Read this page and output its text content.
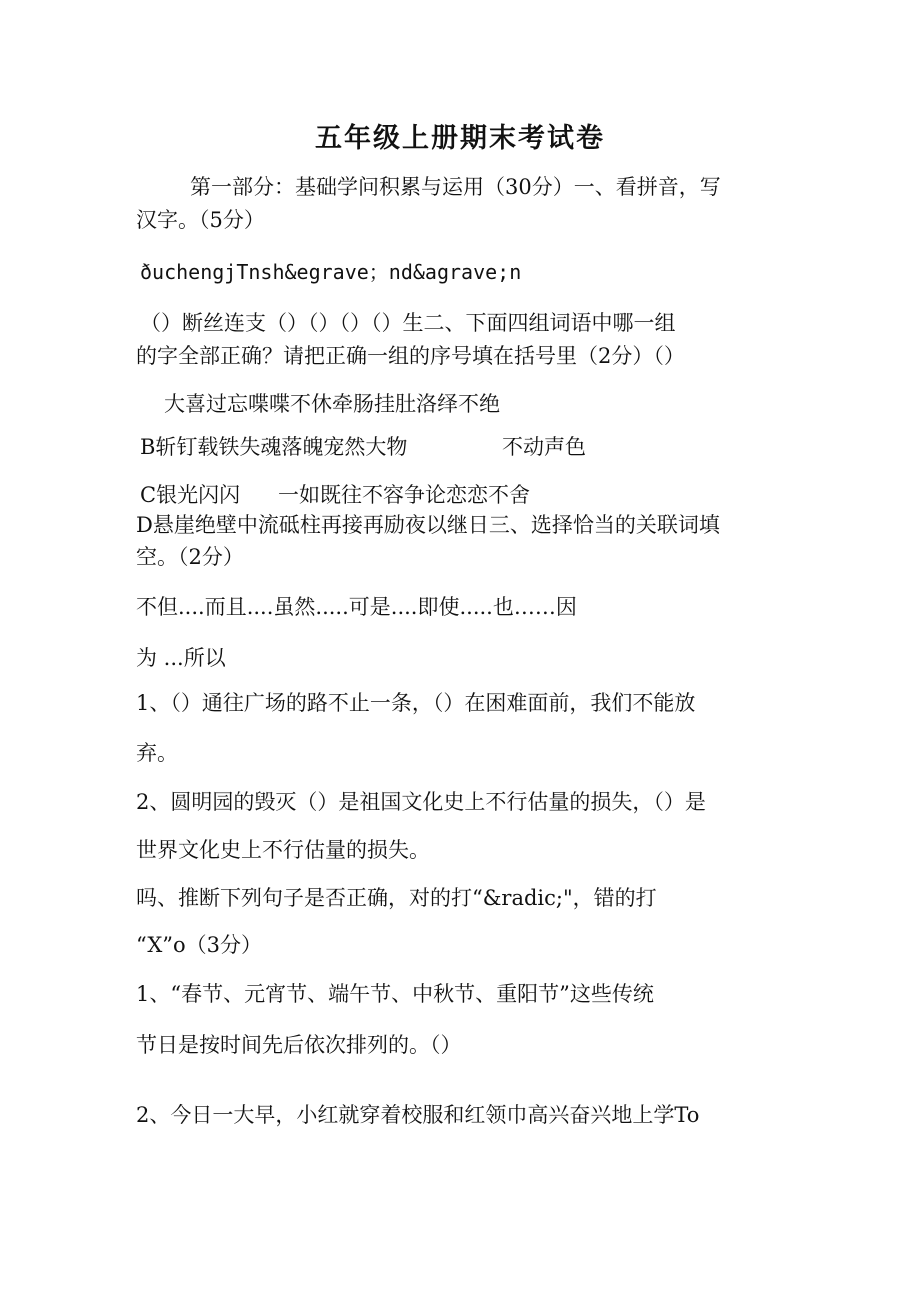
五年级上册期末考试卷
第一部分：基础学问积累与运用（30分）一、看拼音，写
汉字。（5分）
ðuchengjTnsh&egrave；nd&agrave;n
（）断丝连支（）（）（）（）生二、下面四组词语中哪一组
的字全部正确？请把正确一组的序号填在括号里（2分）（）
大喜过忘喋喋不休牵肠挂肚洛绎不绝
B斩钉载铁失魂落魄宠然大物	不动声色
C银光闪闪 一如既往不容争论恋恋不舍
D悬崖绝壁中流砥柱再接再励夜以继日三、选择恰当的关联词填
空。（2分）
不但....而且....虽然.....可是....即使.....也……因
为 ...所以
1、（）通往广场的路不止一条，（）在困难面前，我们不能放
弃。
2、圆明园的毁灭（）是祖国文化史上不行估量的损失，（）是
世界文化史上不行估量的损失。
吗、推断下列句子是否正确，对的打“&radic;"，错的打
“X”o（3分）
1、“春节、元宵节、端午节、中秋节、重阳节”这些传统
节日是按时间先后依次排列的。（）
2、今日一大早，小红就穿着校服和红领巾高兴奋兴地上学To
